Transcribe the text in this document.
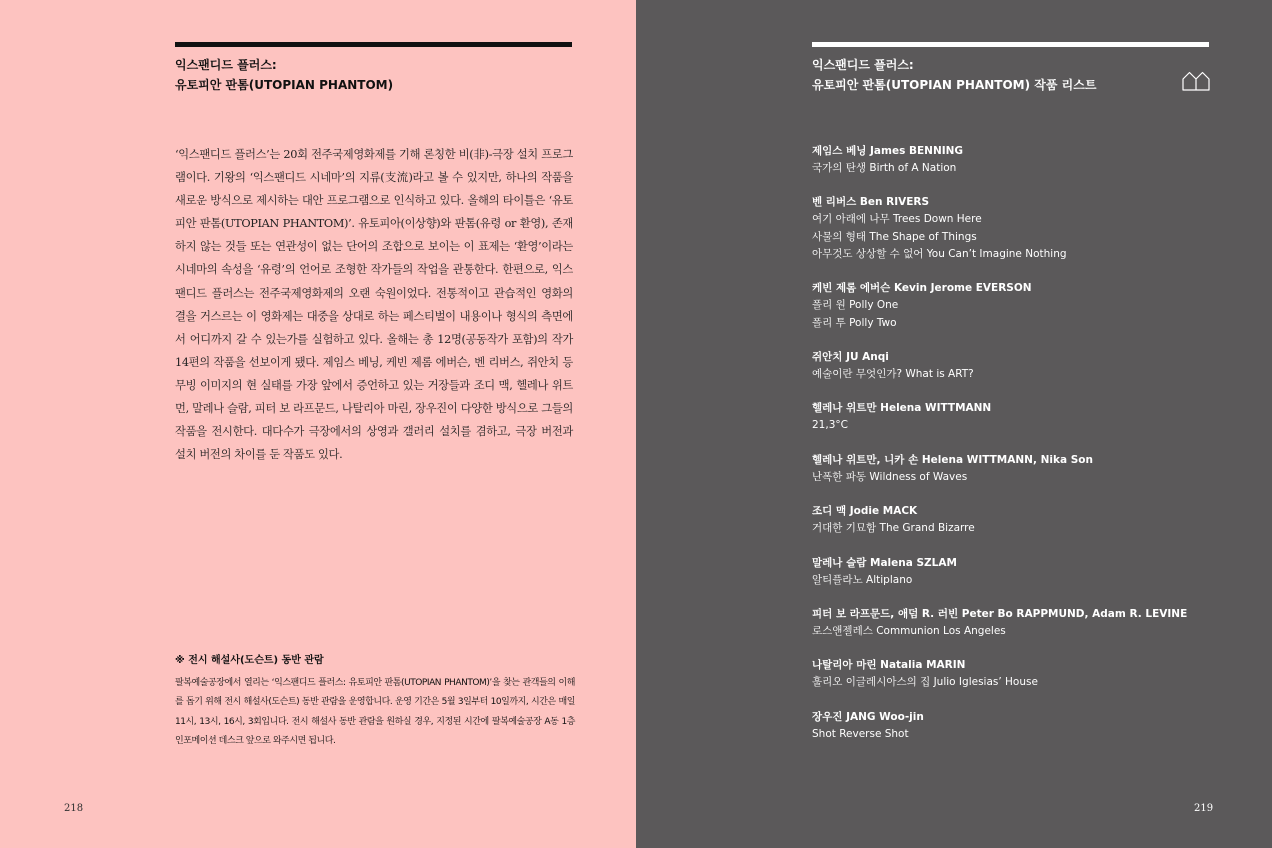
익스팬디드 플러스:
유토피안 판톰(UTOPIAN PHANTOM)
‘익스팬디드 플러스’는 20회 전주국제영화제를 기해 론칭한 비(非)-극장 설치 프로그램이다. 기왕의 ‘익스팬디드 시네마’의 지류(支流)라고 볼 수 있지만, 하나의 작품을 새로운 방식으로 제시하는 대안 프로그램으로 인식하고 있다. 올해의 타이틀은 ‘유토피안 판톰(UTOPIAN PHANTOM)’. 유토피아(이상향)와 판톰(유령 or 환영), 존재하지 않는 것들 또는 연관성이 없는 단어의 조합으로 보이는 이 표제는 ‘환영’이라는 시네마의 속성을 ‘유령’의 언어로 조형한 작가들의 작업을 관통한다. 한편으로, 익스팬디드 플러스는 전주국제영화제의 오랜 숙원이었다. 전통적이고 관습적인 영화의 결을 거스르는 이 영화제는 대중을 상대로 하는 페스티벌이 내용이나 형식의 측면에서 어디까지 갈 수 있는가를 실험하고 있다. 올해는 총 12명(공동작가 포함)의 작가 14편의 작품을 선보이게 됐다. 제임스 베닝, 케빈 제롬 에버슨, 벤 리버스, 쥐안치 등 무빙 이미지의 현 실태를 가장 앞에서 증언하고 있는 거장들과 조디 맥, 헬레나 위트먼, 말레나 슬람, 피터 보 라프문드, 나탈리아 마린, 장우진이 다양한 방식으로 그들의 작품을 전시한다. 대다수가 극장에서의 상영과 갤러리 설치를 겸하고, 극장 버전과 설치 버전의 차이를 둔 작품도 있다.
※ 전시 해설사(도슨트) 동반 관람
팔복예술공장에서 열리는 ‘익스팬디드 플러스: 유토피안 판톰(UTOPIAN PHANTOM)’을 찾는 관객들의 이해를 돕기 위해 전시 해설사(도슨트) 동반 관람을 운영합니다. 운영 기간은 5월 3일부터 10일까지, 시간은 매일 11시, 13시, 16시, 3회입니다. 전시 해설사 동반 관람을 원하실 경우, 지정된 시간에 팔복예술공장 A동 1층 인포메이션 데스크 앞으로 와주시면 됩니다.
218
익스팬디드 플러스:
유토피안 판톰(UTOPIAN PHANTOM) 작품 리스트
제임스 베닝 James BENNING
국가의 탄생 Birth of A Nation
벤 리버스 Ben RIVERS
여기 아래에 나무 Trees Down Here
사물의 형태 The Shape of Things
아무것도 상상할 수 없어 You Can’t Imagine Nothing
케빈 제롬 에버슨 Kevin Jerome EVERSON
폴리 원 Polly One
폴리 투 Polly Two
쥐안치 JU Anqi
예술이란 무엇인가? What is ART?
헬레나 위트만 Helena WITTMANN
21,3°C
헬레나 위트만, 니카 손 Helena WITTMANN, Nika Son
난폭한 파동 Wildness of Waves
조디 맥 Jodie MACK
거대한 기묘함 The Grand Bizarre
말레나 슬람 Malena SZLAM
알티플라노 Altiplano
피터 보 라프문드, 애덤 R. 러빈 Peter Bo RAPPMUND, Adam R. LEVINE
로스앤젤레스 Communion Los Angeles
나탈리아 마린 Natalia MARIN
훌리오 이글레시아스의 집 Julio Iglesias’ House
장우진 JANG Woo-jin
Shot Reverse Shot
219
